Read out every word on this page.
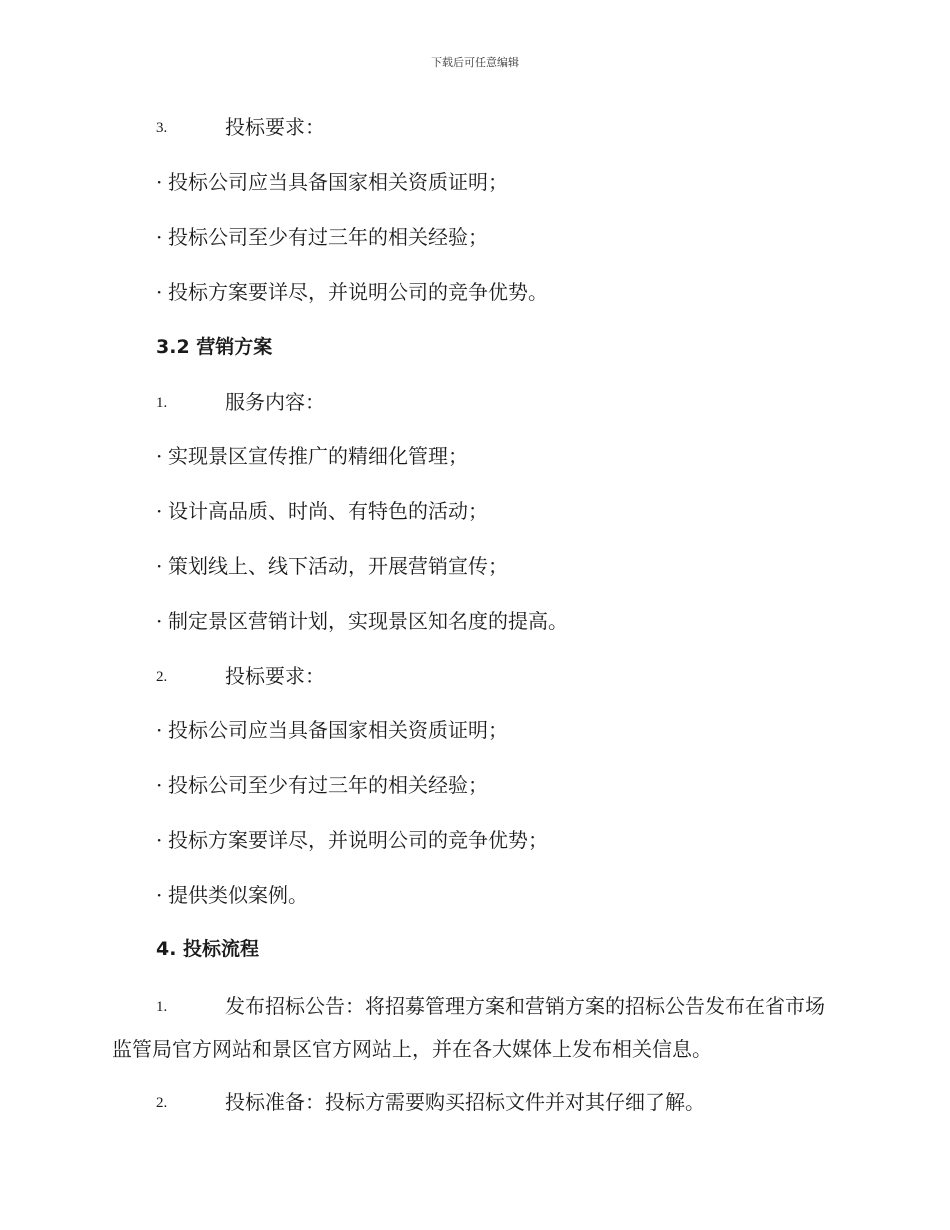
下载后可任意编辑
3.	投标要求：
· 投标公司应当具备国家相关资质证明；
· 投标公司至少有过三年的相关经验；
· 投标方案要详尽，并说明公司的竞争优势。
3.2 营销方案
1.	服务内容：
· 实现景区宣传推广的精细化管理；
· 设计高品质、时尚、有特色的活动；
· 策划线上、线下活动，开展营销宣传；
· 制定景区营销计划，实现景区知名度的提高。
2.	投标要求：
· 投标公司应当具备国家相关资质证明；
· 投标公司至少有过三年的相关经验；
· 投标方案要详尽，并说明公司的竞争优势；
· 提供类似案例。
4. 投标流程
1.	发布招标公告：将招募管理方案和营销方案的招标公告发布在省市场监管局官方网站和景区官方网站上，并在各大媒体上发布相关信息。
2.	投标准备：投标方需要购买招标文件并对其仔细了解。
